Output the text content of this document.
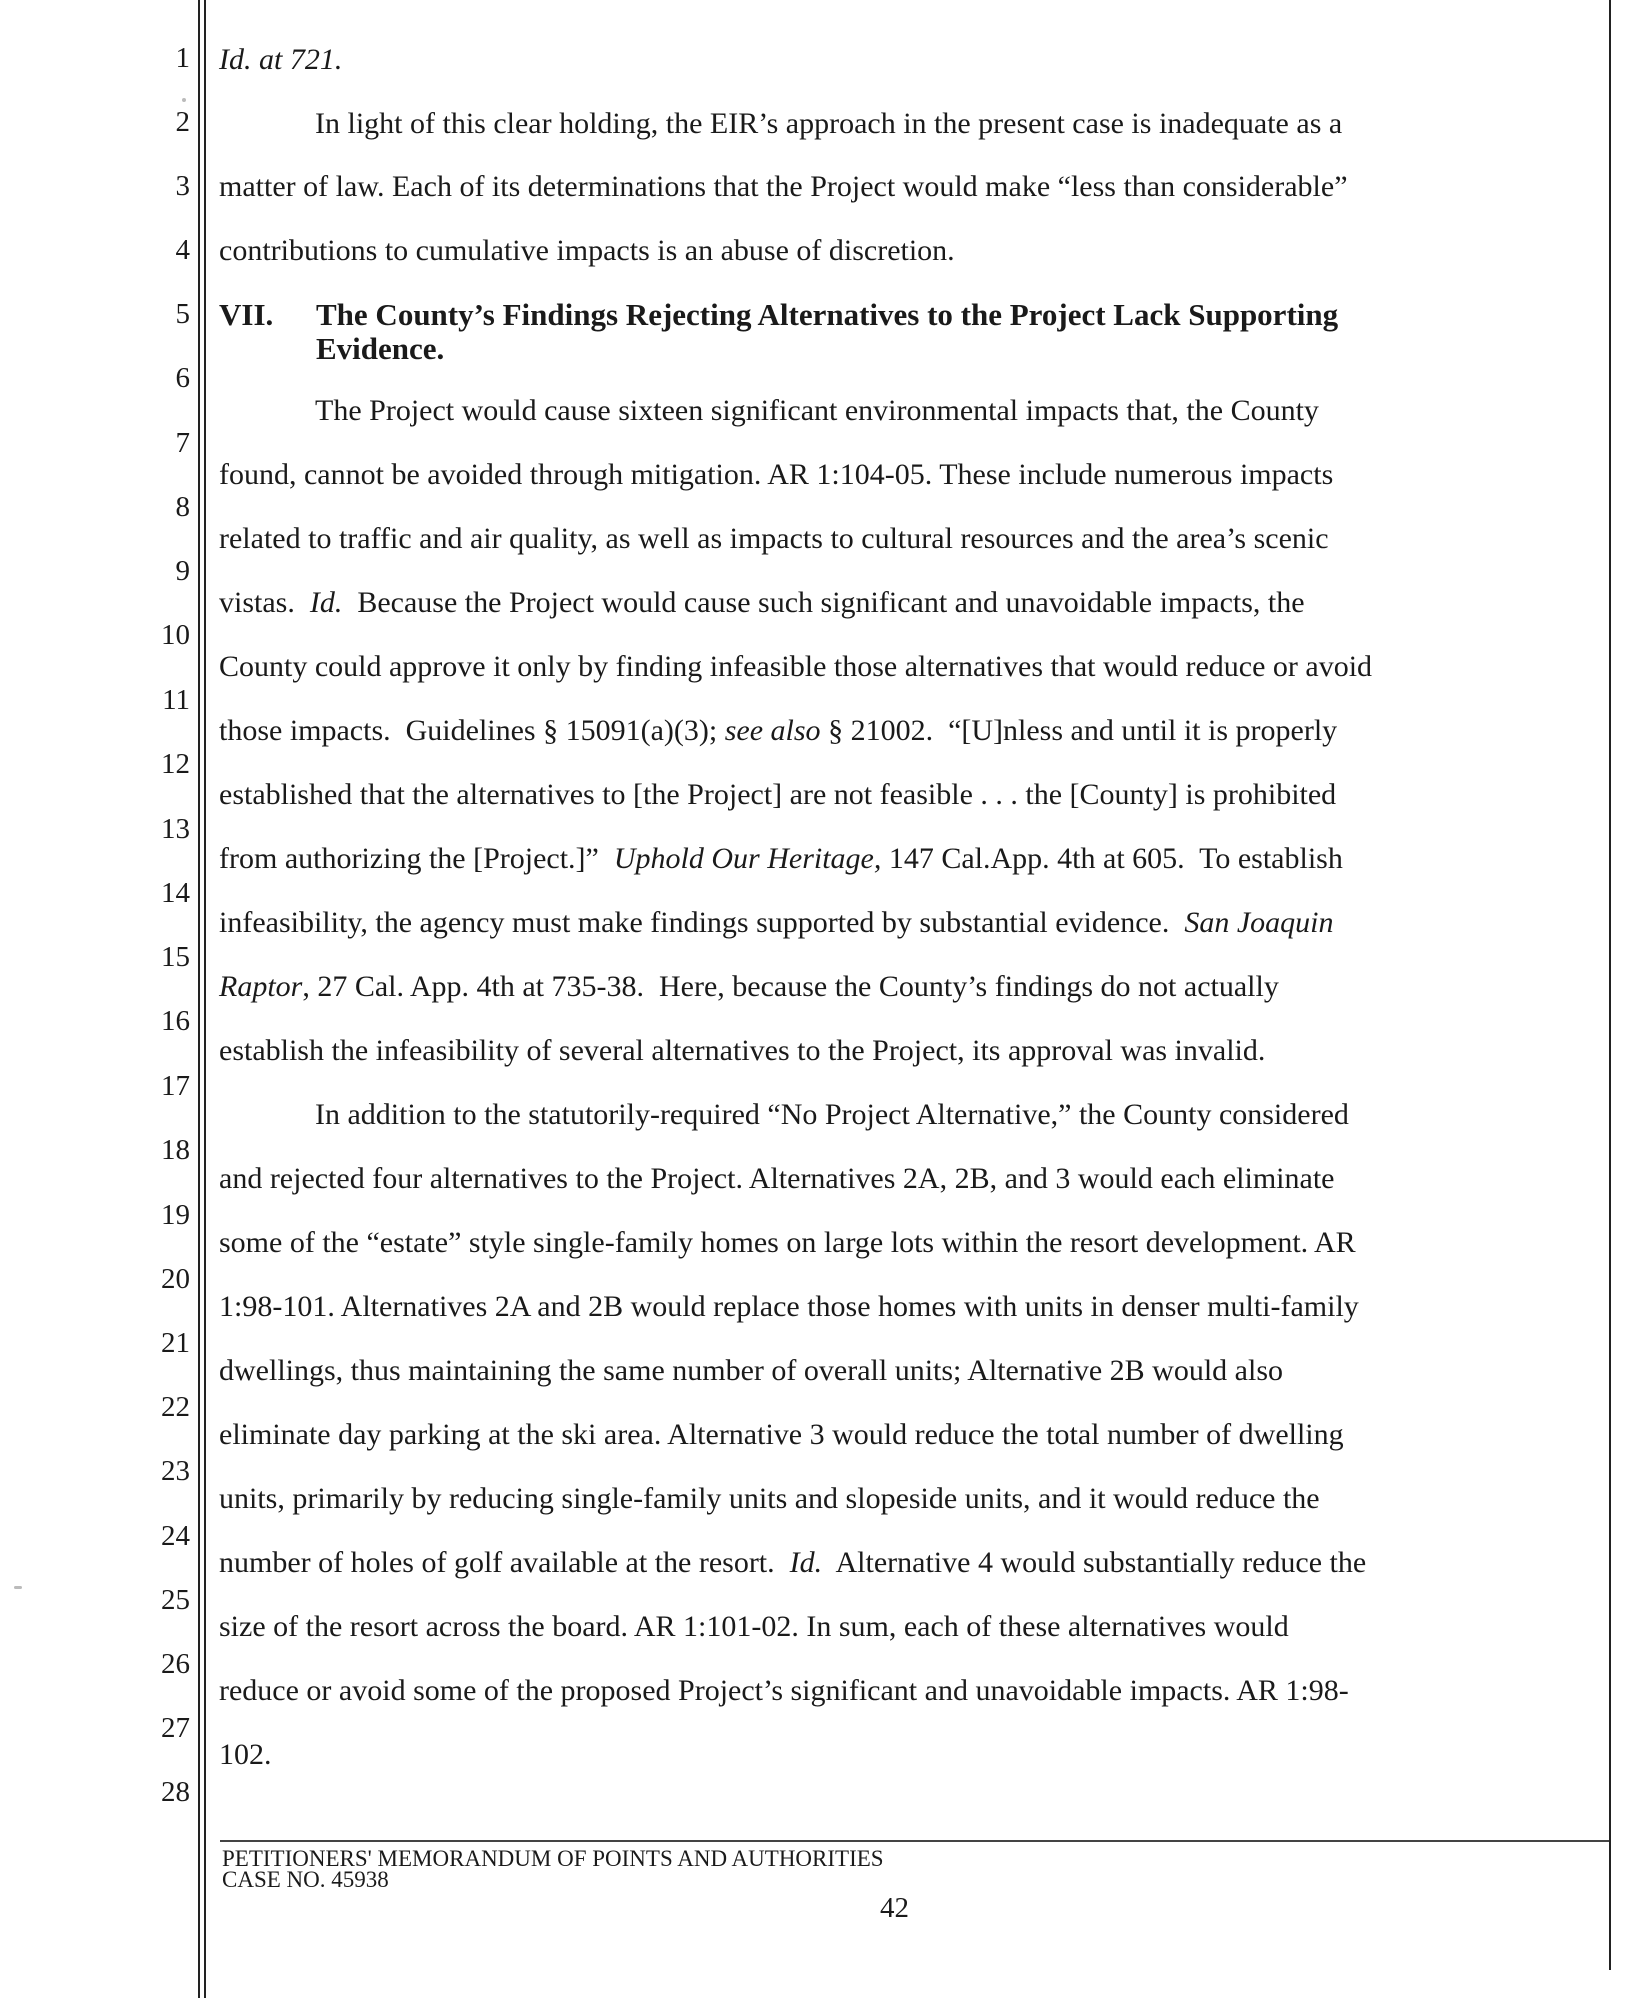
1
2
3
4
5
6
7
8
9
10
11
12
13
14
15
16
17
18
19
20
21
22
23
24
25
26
27
28
Id. at 721.
In light of this clear holding, the EIR’s approach in the present case is inadequate as a
matter of law. Each of its determinations that the Project would make “less than considerable”
contributions to cumulative impacts is an abuse of discretion.
VII. The County’s Findings Rejecting Alternatives to the Project Lack Supporting
Evidence.
The Project would cause sixteen significant environmental impacts that, the County
found, cannot be avoided through mitigation. AR 1:104-05. These include numerous impacts
related to traffic and air quality, as well as impacts to cultural resources and the area’s scenic
vistas.  Id.  Because the Project would cause such significant and unavoidable impacts, the
County could approve it only by finding infeasible those alternatives that would reduce or avoid
those impacts.  Guidelines § 15091(a)(3); see also § 21002.  “[U]nless and until it is properly
established that the alternatives to [the Project] are not feasible . . . the [County] is prohibited
from authorizing the [Project.]”  Uphold Our Heritage, 147 Cal.App. 4th at 605.  To establish
infeasibility, the agency must make findings supported by substantial evidence.  San Joaquin
Raptor, 27 Cal. App. 4th at 735-38.  Here, because the County’s findings do not actually
establish the infeasibility of several alternatives to the Project, its approval was invalid.
In addition to the statutorily-required “No Project Alternative,” the County considered
and rejected four alternatives to the Project. Alternatives 2A, 2B, and 3 would each eliminate
some of the “estate” style single-family homes on large lots within the resort development. AR
1:98-101. Alternatives 2A and 2B would replace those homes with units in denser multi-family
dwellings, thus maintaining the same number of overall units; Alternative 2B would also
eliminate day parking at the ski area. Alternative 3 would reduce the total number of dwelling
units, primarily by reducing single-family units and slopeside units, and it would reduce the
number of holes of golf available at the resort.  Id.  Alternative 4 would substantially reduce the
size of the resort across the board. AR 1:101-02. In sum, each of these alternatives would
reduce or avoid some of the proposed Project’s significant and unavoidable impacts. AR 1:98-
102.
PETITIONERS' MEMORANDUM OF POINTS AND AUTHORITIES
CASE NO. 45938
42
